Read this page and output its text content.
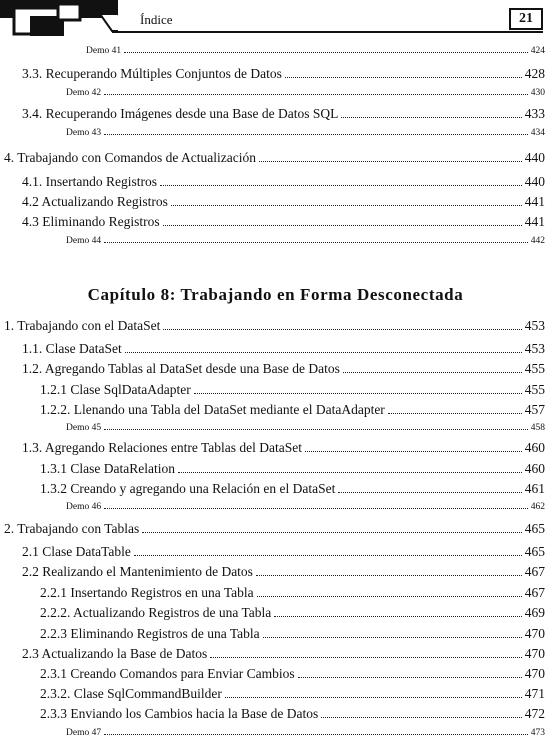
Índice	21
Capítulo 8: Trabajando en Forma Desconectada
Demo 41	424
3.3. Recuperando Múltiples Conjuntos de Datos	428
Demo 42	430
3.4. Recuperando Imágenes desde una Base de Datos SQL	433
Demo 43	434
4. Trabajando con Comandos de Actualización	440
4.1. Insertando Registros	440
4.2 Actualizando Registros	441
4.3 Eliminando Registros	441
Demo 44	442
1. Trabajando con el DataSet	453
1.1. Clase DataSet	453
1.2. Agregando Tablas al DataSet desde una Base de Datos	455
1.2.1 Clase SqlDataAdapter	455
1.2.2. Llenando una Tabla del DataSet mediante el DataAdapter	457
Demo 45	458
1.3. Agregando Relaciones entre Tablas del DataSet	460
1.3.1 Clase DataRelation	460
1.3.2 Creando y agregando una Relación en el DataSet	461
Demo 46	462
2. Trabajando con Tablas	465
2.1 Clase DataTable	465
2.2 Realizando el Mantenimiento de Datos	467
2.2.1 Insertando Registros en una Tabla	467
2.2.2. Actualizando Registros de una Tabla	469
2.2.3 Eliminando Registros de una Tabla	470
2.3 Actualizando la Base de Datos	470
2.3.1 Creando Comandos para Enviar Cambios	470
2.3.2. Clase SqlCommandBuilder	471
2.3.3 Enviando los Cambios hacia la Base de Datos	472
Demo 47	473
